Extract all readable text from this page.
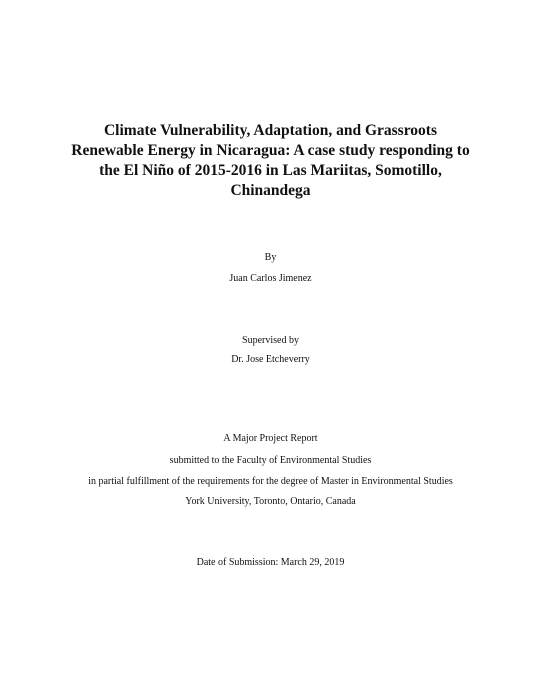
Climate Vulnerability, Adaptation, and Grassroots
Renewable Energy in Nicaragua: A case study responding to
the El Niño of 2015-2016 in Las Mariitas, Somotillo,
Chinandega
By
Juan Carlos Jimenez
Supervised by
Dr. Jose Etcheverry
A Major Project Report
submitted to the Faculty of Environmental Studies
in partial fulfillment of the requirements for the degree of Master in Environmental Studies
York University, Toronto, Ontario, Canada
Date of Submission: March 29, 2019
